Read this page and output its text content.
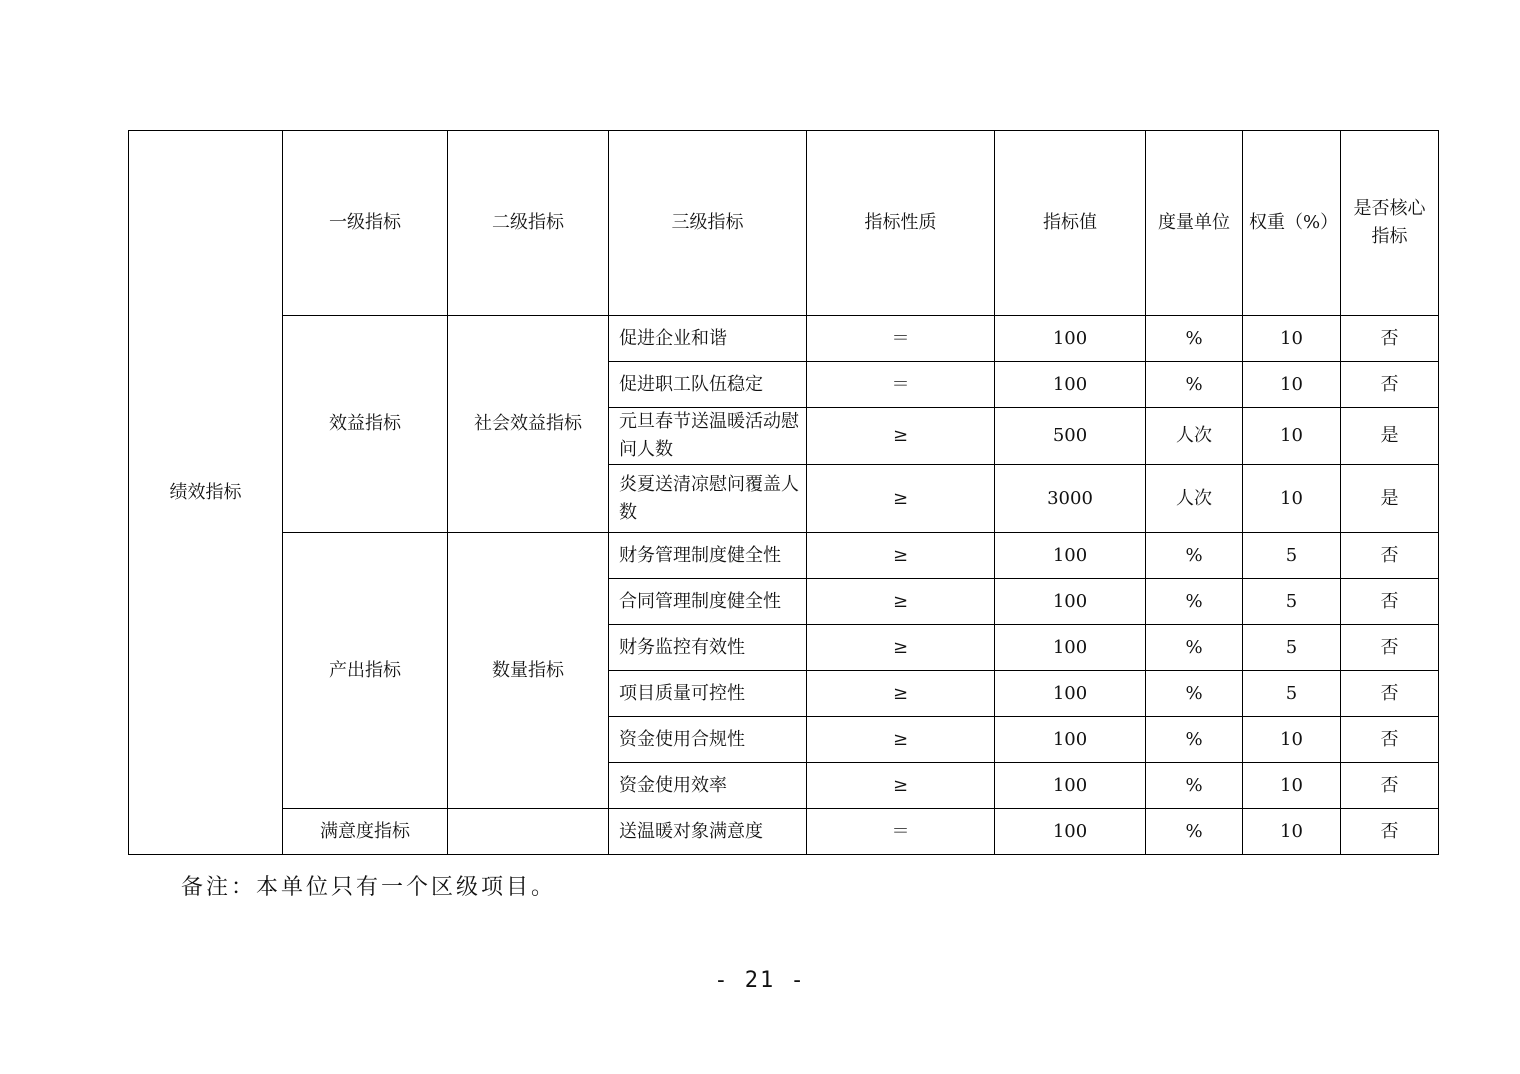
绩效指标	一级指标	二级指标	三级指标	指标性质	指标值	度量单位	权重（%）	是否核心指标
	效益指标	社会效益指标	促进企业和谐	＝	100	%	10	否
			促进职工队伍稳定	＝	100	%	10	否
			元旦春节送温暖活动慰问人数	≥	500	人次	10	是
			炎夏送清凉慰问覆盖人数	≥	3000	人次	10	是
	产出指标	数量指标	财务管理制度健全性	≥	100	%	5	否
			合同管理制度健全性	≥	100	%	5	否
			财务监控有效性	≥	100	%	5	否
			项目质量可控性	≥	100	%	5	否
			资金使用合规性	≥	100	%	10	否
			资金使用效率	≥	100	%	10	否
	满意度指标		送温暖对象满意度	＝	100	%	10	否
备注：本单位只有一个区级项目。
- 21 -
